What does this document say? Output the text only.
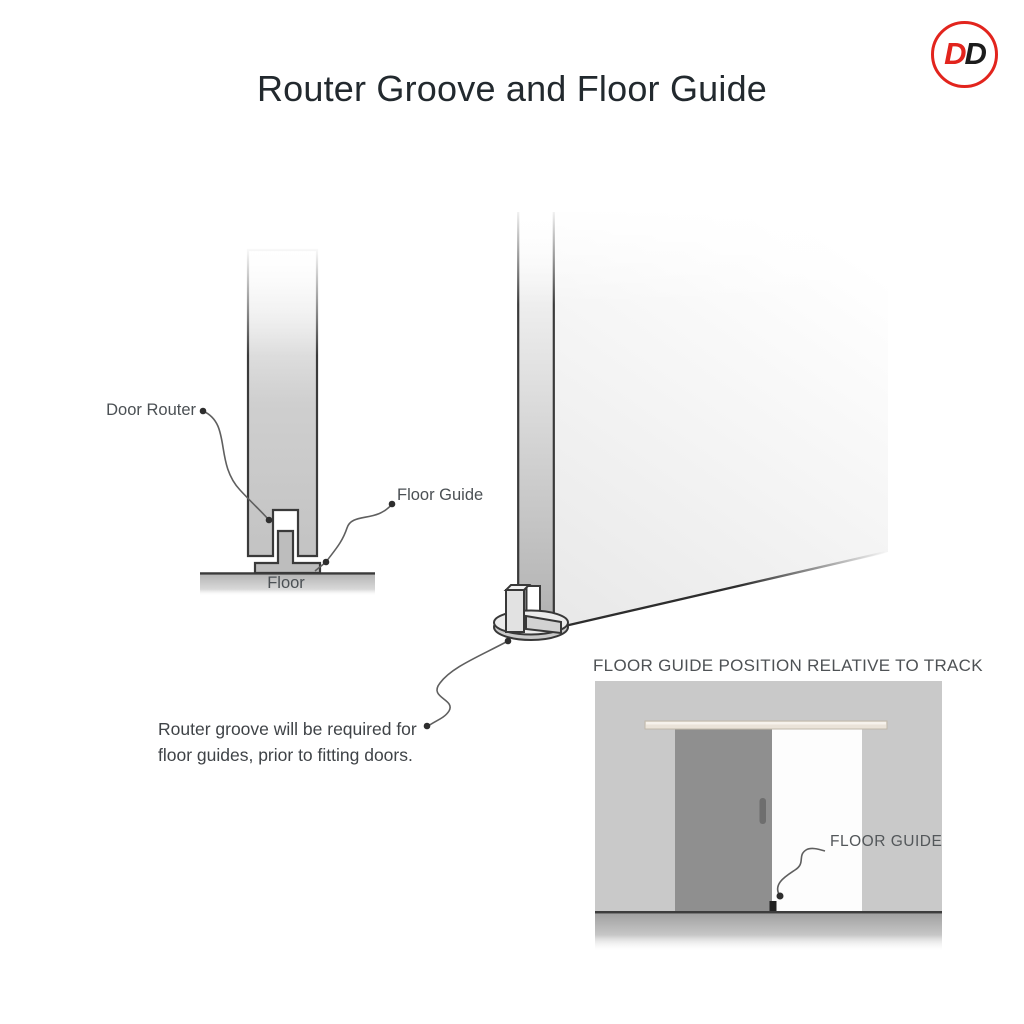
Router Groove and Floor Guide
D D
Door Router
Floor Guide
Floor
Router groove will be required for
floor guides, prior to fitting doors.
FLOOR GUIDE POSITION RELATIVE TO TRACK
FLOOR GUIDE
